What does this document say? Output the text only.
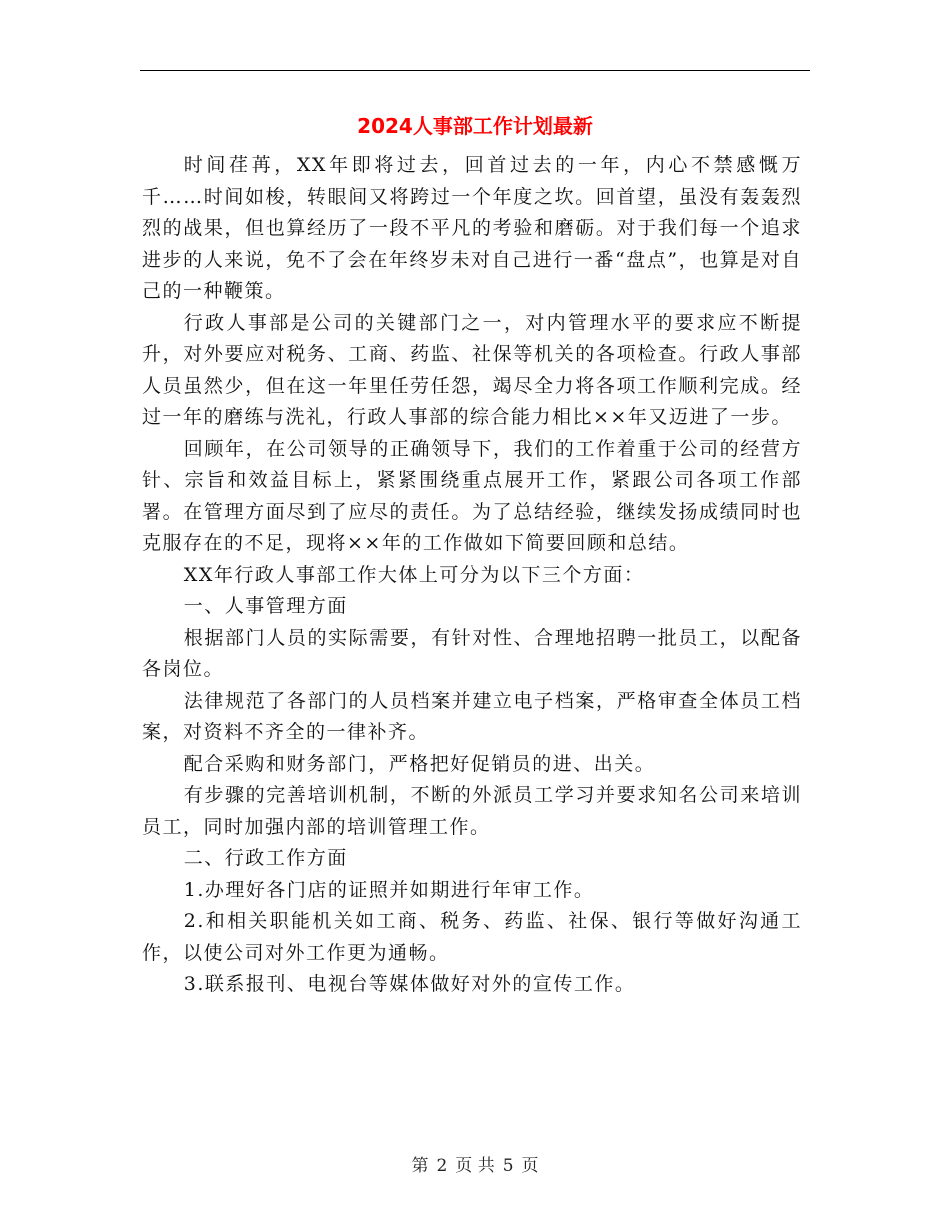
2024人事部工作计划最新

时间荏苒，XX年即将过去，回首过去的一年，内心不禁感慨万千……时间如梭，转眼间又将跨过一个年度之坎。回首望，虽没有轰轰烈烈的战果，但也算经历了一段不平凡的考验和磨砺。对于我们每一个追求进步的人来说，免不了会在年终岁未对自己进行一番“盘点”，也算是对自己的一种鞭策。

行政人事部是公司的关键部门之一，对内管理水平的要求应不断提升，对外要应对税务、工商、药监、社保等机关的各项检查。行政人事部人员虽然少，但在这一年里任劳任怨，竭尽全力将各项工作顺利完成。经过一年的磨练与洗礼，行政人事部的综合能力相比××年又迈进了一步。

回顾年，在公司领导的正确领导下，我们的工作着重于公司的经营方针、宗旨和效益目标上，紧紧围绕重点展开工作，紧跟公司各项工作部署。在管理方面尽到了应尽的责任。为了总结经验，继续发扬成绩同时也克服存在的不足，现将××年的工作做如下简要回顾和总结。

XX年行政人事部工作大体上可分为以下三个方面：

一、人事管理方面

根据部门人员的实际需要，有针对性、合理地招聘一批员工，以配备各岗位。

法律规范了各部门的人员档案并建立电子档案，严格审查全体员工档案，对资料不齐全的一律补齐。

配合采购和财务部门，严格把好促销员的进、出关。

有步骤的完善培训机制，不断的外派员工学习并要求知名公司来培训员工，同时加强内部的培训管理工作。

二、行政工作方面

1.办理好各门店的证照并如期进行年审工作。

2.和相关职能机关如工商、税务、药监、社保、银行等做好沟通工作，以使公司对外工作更为通畅。

3.联系报刊、电视台等媒体做好对外的宣传工作。

第 2 页 共 5 页
